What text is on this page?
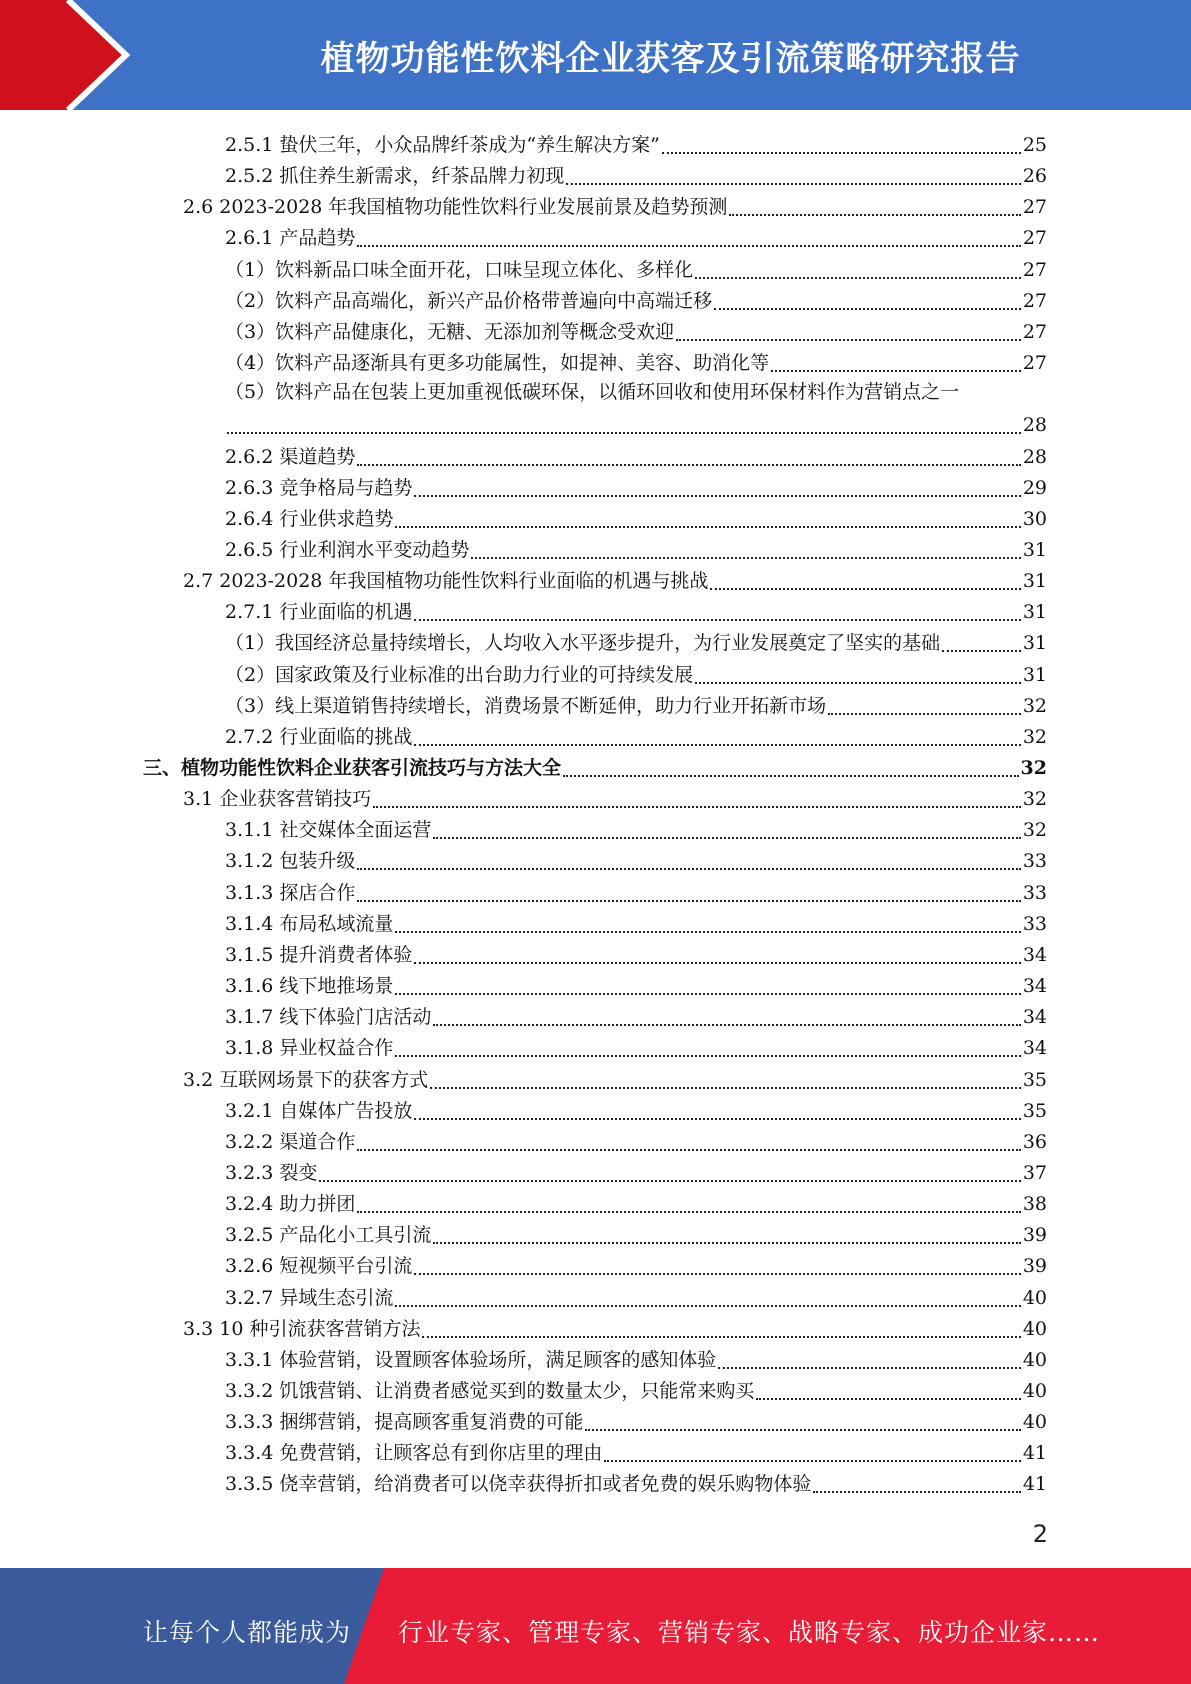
植物功能性饮料企业获客及引流策略研究报告
2.5.1 蛰伏三年，小众品牌纤茶成为“养生解决方案”	25
2.5.2 抓住养生新需求，纤茶品牌力初现	26
2.6 2023-2028 年我国植物功能性饮料行业发展前景及趋势预测	27
2.6.1 产品趋势	27
（1）饮料新品口味全面开花，口味呈现立体化、多样化	27
（2）饮料产品高端化，新兴产品价格带普遍向中高端迁移	27
（3）饮料产品健康化，无糖、无添加剂等概念受欢迎	27
（4）饮料产品逐渐具有更多功能属性，如提神、美容、助消化等	27
（5）饮料产品在包装上更加重视低碳环保，以循环回收和使用环保材料作为营销点之一
28
2.6.2 渠道趋势	28
2.6.3 竞争格局与趋势	29
2.6.4 行业供求趋势	30
2.6.5 行业利润水平变动趋势	31
2.7 2023-2028 年我国植物功能性饮料行业面临的机遇与挑战	31
2.7.1 行业面临的机遇	31
（1）我国经济总量持续增长，人均收入水平逐步提升，为行业发展奠定了坚实的基础	31
（2）国家政策及行业标准的出台助力行业的可持续发展	31
（3）线上渠道销售持续增长，消费场景不断延伸，助力行业开拓新市场	32
2.7.2 行业面临的挑战	32
三、植物功能性饮料企业获客引流技巧与方法大全	32
3.1 企业获客营销技巧	32
3.1.1 社交媒体全面运营	32
3.1.2 包装升级	33
3.1.3 探店合作	33
3.1.4 布局私域流量	33
3.1.5 提升消费者体验	34
3.1.6 线下地推场景	34
3.1.7 线下体验门店活动	34
3.1.8 异业权益合作	34
3.2 互联网场景下的获客方式	35
3.2.1 自媒体广告投放	35
3.2.2 渠道合作	36
3.2.3 裂变	37
3.2.4 助力拼团	38
3.2.5 产品化小工具引流	39
3.2.6 短视频平台引流	39
3.2.7 异域生态引流	40
3.3 10 种引流获客营销方法	40
3.3.1 体验营销，设置顾客体验场所，满足顾客的感知体验	40
3.3.2 饥饿营销、让消费者感觉买到的数量太少，只能常来购买	40
3.3.3 捆绑营销，提高顾客重复消费的可能	40
3.3.4 免费营销，让顾客总有到你店里的理由	41
3.3.5 侥幸营销，给消费者可以侥幸获得折扣或者免费的娱乐购物体验	41
2
让每个人都能成为 行业专家、管理专家、营销专家、战略专家、成功企业家……
